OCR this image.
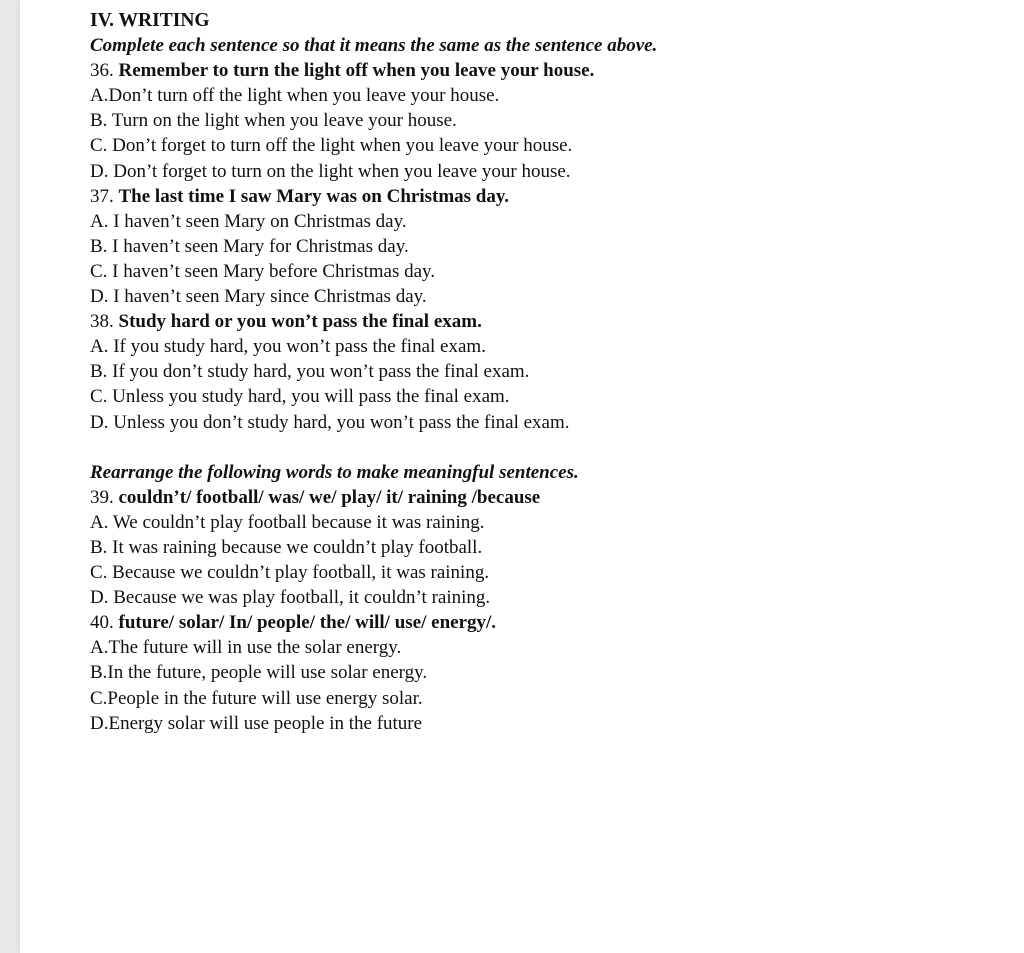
IV. WRITING
Complete each sentence so that it means the same as the sentence above.
36. Remember to turn the light off when you leave your house.
A.Don’t turn off the light when you leave your house.
B. Turn on the light when you leave your house.
C. Don’t forget to turn off the light when you leave your house.
D. Don’t forget to turn on the light when you leave your house.
37. The last time I saw Mary was on Christmas day.
A. I haven’t seen Mary on Christmas day.
B. I haven’t seen Mary for Christmas day.
C. I haven’t seen Mary before Christmas day.
D. I haven’t seen Mary since Christmas day.
38. Study hard or you won’t pass the final exam.
A. If you study hard, you won’t pass the final exam.
B. If you don’t study hard, you won’t pass the final exam.
C. Unless you study hard, you will pass the final exam.
D. Unless you don’t study hard, you won’t pass the final exam.
Rearrange the following words to make meaningful sentences.
39. couldn’t/ football/ was/ we/ play/ it/ raining /because
A. We couldn’t play football because it was raining.
B. It was raining because we couldn’t play football.
C. Because we couldn’t play football, it was raining.
D. Because we was play football, it couldn’t raining.
40. future/ solar/ In/ people/ the/ will/ use/ energy/.
A.The future will in use the solar energy.
B.In the future, people will use solar energy.
C.People in the future will use energy solar.
D.Energy solar will use people in the future
